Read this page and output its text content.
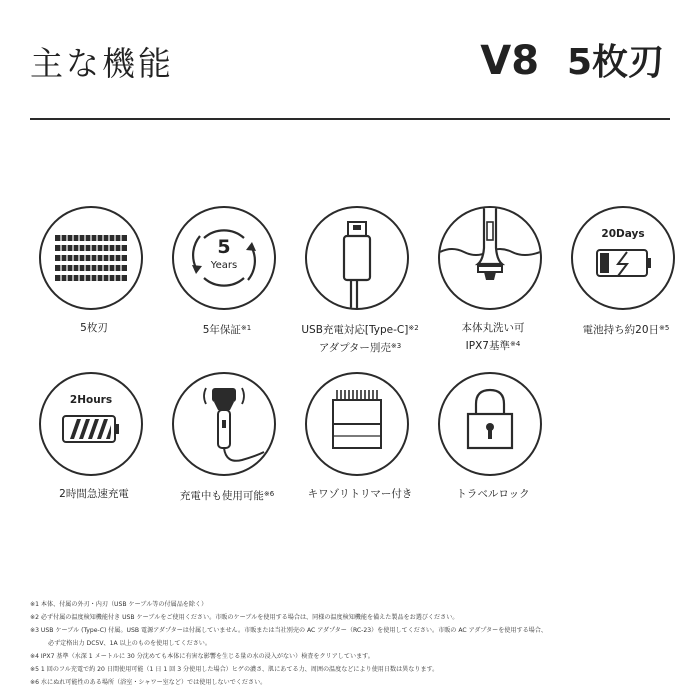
主な機能	V8 5枚刃
5枚刃
5
Years
5年保証$^{※1}$	USB充電対応[Type-C]$^{※2}$
アダプター別売$^{※3}$
本体丸洗い可
IPX7基準$^{※4}$
20Days
電池持ち約20日$^{※5}$
2Hours
2時間急速充電	充電中も使用可能$^{※6}$	キワゾリトリマー付き	トラベルロック
※1 本体、付属の外刃・内刃（USB ケーブル等の付属品を除く）
※2 必ず付属の温度検知機能付き USB ケーブルをご使用ください。市販のケーブルを使用する場合は、同様の温度検知機能を備えた製品をお選びください。
※3 USB ケーブル (Type-C) 付属。USB 電源アダプターは付属していません。市販または当社別売の AC アダプター（RC-23）を使用してください。市販の AC アダプターを使用する場合、
必ず定格出力 DC5V、1A 以上のものを使用してください。
※4 IPX7 基準（水深 1 メートルに 30 分沈めても本体に有害な影響を生じる量の水の浸入がない）検査をクリアしています。
※5 1 回のフル充電で約 20 日間使用可能（1 日 1 回 3 分使用した場合）ヒゲの濃さ、肌にあてる力、周囲の温度などにより使用日数は異なります。
※6 水にぬれ可能性のある場所（浴室・シャワー室など）では使用しないでください。
